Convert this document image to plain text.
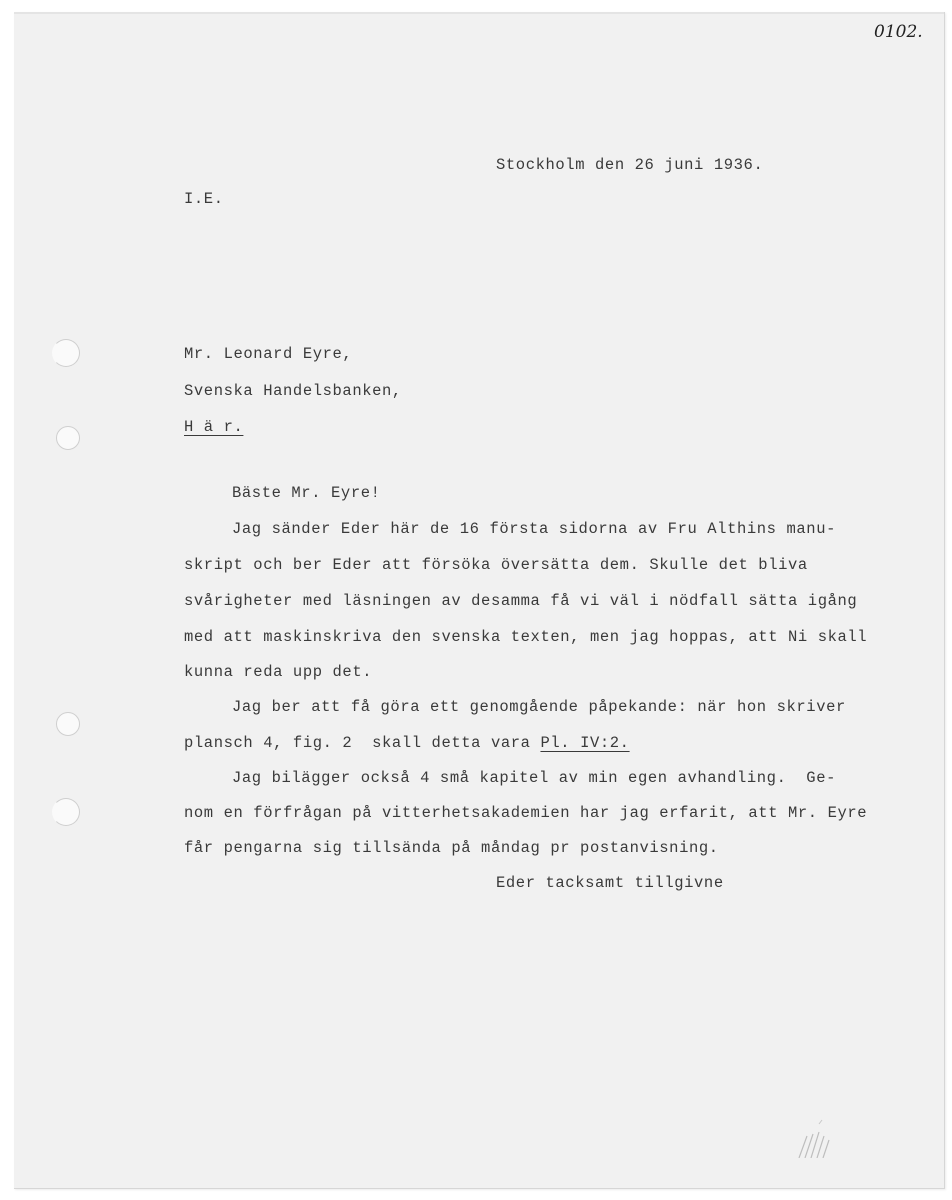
0102.
Stockholm den 26 juni 1936.
I.E.
Mr. Leonard Eyre,
Svenska Handelsbanken,
H ä r.
Bäste Mr. Eyre!
Jag sänder Eder här de 16 första sidorna av Fru Althins manu-
skript och ber Eder att försöka översätta dem. Skulle det bliva
svårigheter med läsningen av desamma få vi väl i nödfall sätta igång
med att maskinskriva den svenska texten, men jag hoppas, att Ni skall
kunna reda upp det.
Jag ber att få göra ett genomgående påpekande: när hon skriver
plansch 4, fig. 2  skall detta vara Pl. IV:2.
Jag bilägger också 4 små kapitel av min egen avhandling.  Ge-
nom en förfrågan på vitterhetsakademien har jag erfarit, att Mr. Eyre
får pengarna sig tillsända på måndag pr postanvisning.
Eder tacksamt tillgivne
